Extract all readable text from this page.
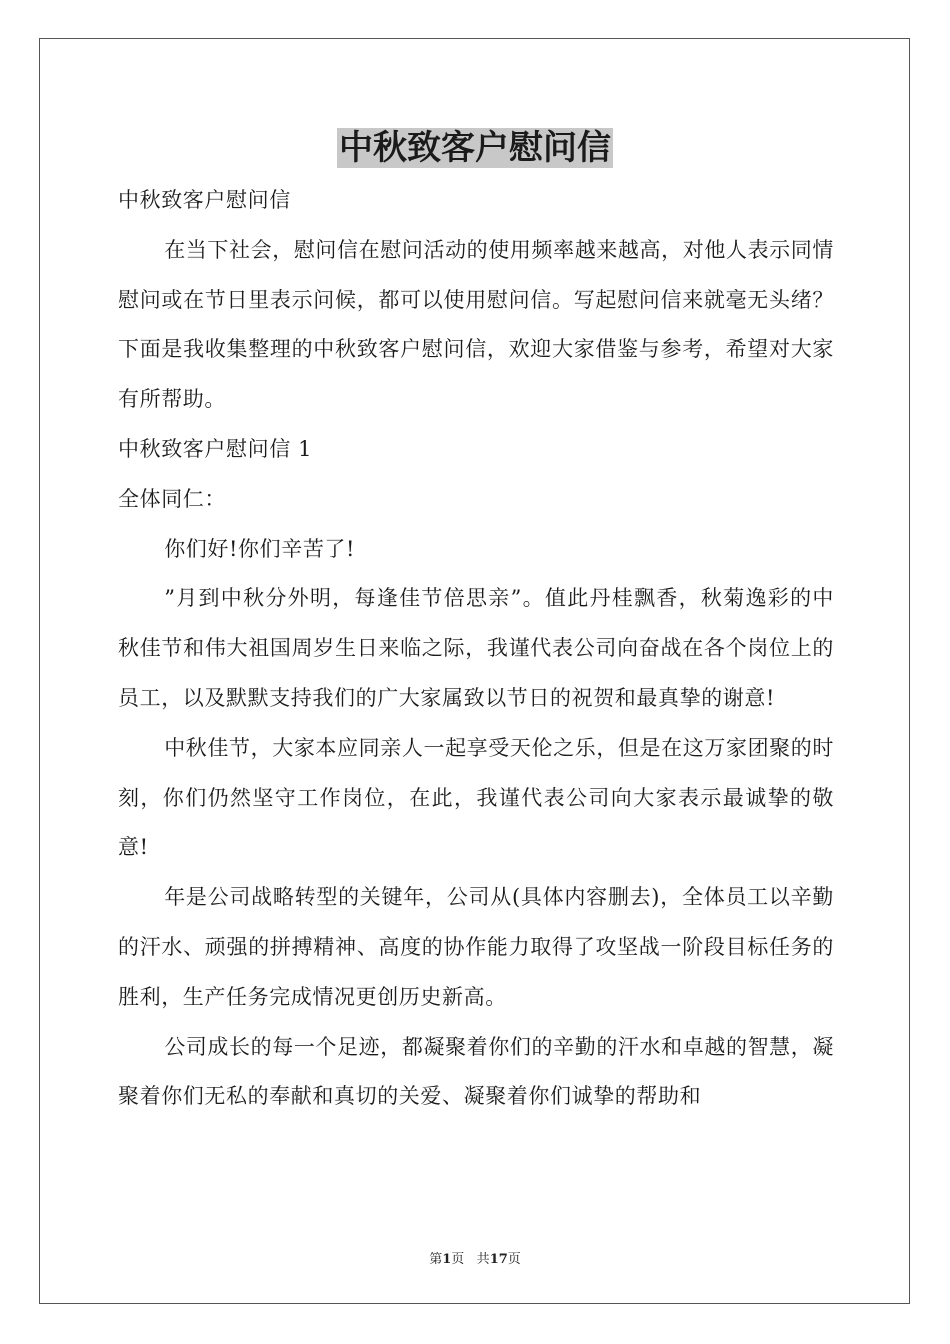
中秋致客户慰问信

中秋致客户慰问信

在当下社会，慰问信在慰问活动的使用频率越来越高，对他人表示同情慰问或在节日里表示问候，都可以使用慰问信。写起慰问信来就毫无头绪？下面是我收集整理的中秋致客户慰问信，欢迎大家借鉴与参考，希望对大家有所帮助。

中秋致客户慰问信 1

全体同仁：

你们好!你们辛苦了!

”月到中秋分外明，每逢佳节倍思亲”。值此丹桂飘香，秋菊逸彩的中秋佳节和伟大祖国周岁生日来临之际，我谨代表公司向奋战在各个岗位上的员工，以及默默支持我们的广大家属致以节日的祝贺和最真挚的谢意!

中秋佳节，大家本应同亲人一起享受天伦之乐，但是在这万家团聚的时刻，你们仍然坚守工作岗位，在此，我谨代表公司向大家表示最诚挚的敬意!

年是公司战略转型的关键年，公司从(具体内容删去)，全体员工以辛勤的汗水、顽强的拼搏精神、高度的协作能力取得了攻坚战一阶段目标任务的胜利，生产任务完成情况更创历史新高。

公司成长的每一个足迹，都凝聚着你们的辛勤的汗水和卓越的智慧，凝聚着你们无私的奉献和真切的关爱、凝聚着你们诚挚的帮助和

第1页 共17页
